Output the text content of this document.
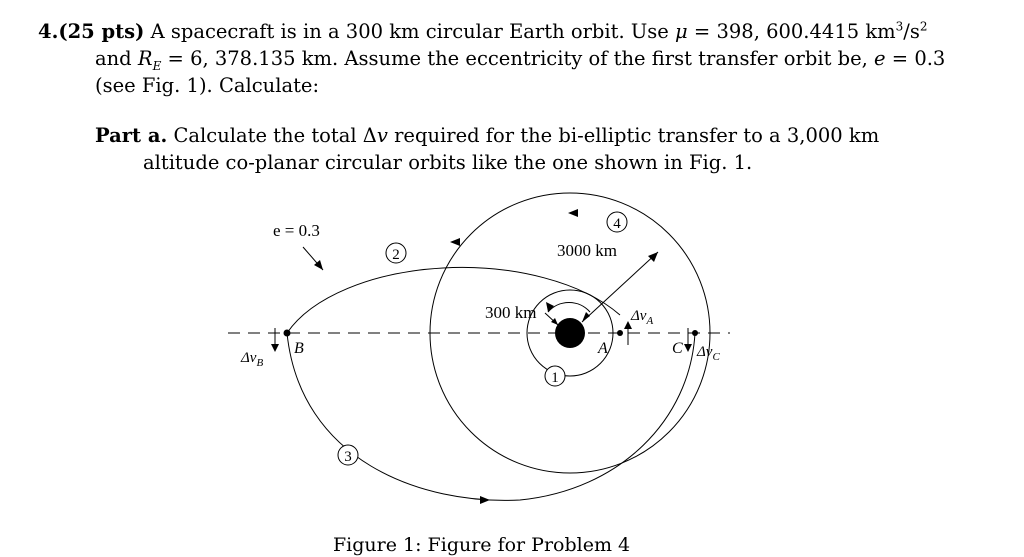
4.(25 pts) A spacecraft is in a 300 km circular Earth orbit. Use μ = 398, 600.4415 $km^3/s^2$
and $R_E = 6$, 378.135 km. Assume the eccentricity of the first transfer orbit be, e = 0.3
(see Fig. 1). Calculate:
Part a. Calculate the total Δv required for the bi-elliptic transfer to a 3,000 km
altitude co-planar circular orbits like the one shown in Fig. 1.
2
4
1
3
e = 0.3
3000 km
300 km
A
B	C
$\Delta v_A$
$\Delta v_B$
$\Delta v_C$
Figure 1: Figure for Problem 4
